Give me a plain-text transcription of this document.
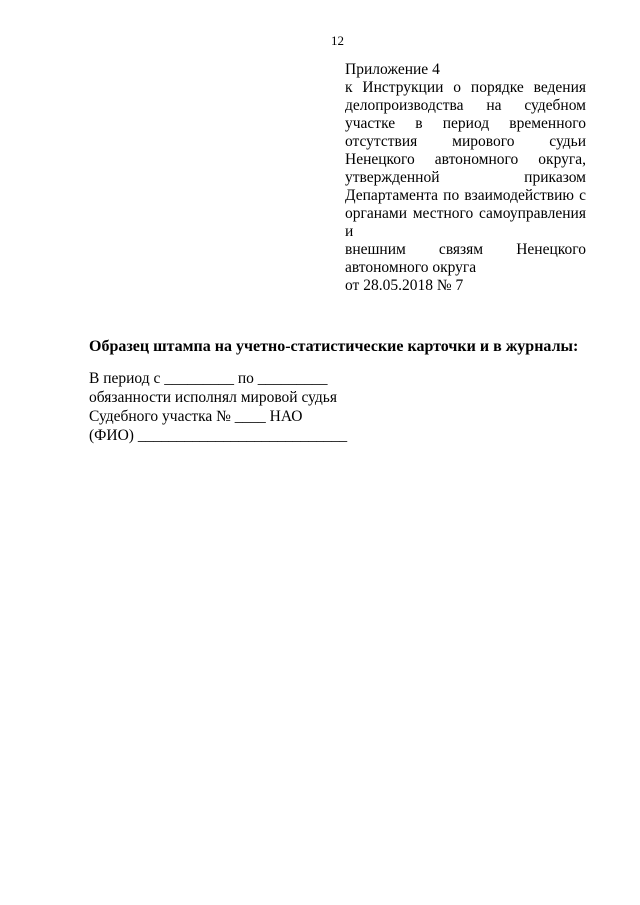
12
Приложение 4
к Инструкции о порядке ведения
делопроизводства на судебном
участке в период временного
отсутствия мирового судьи
Ненецкого автономного округа,
утвержденной приказом
Департамента по взаимодействию с
органами местного самоуправления и
внешним связям Ненецкого
автономного округа
от 28.05.2018 № 7
Образец штампа на учетно-статистические карточки и в журналы:
В период с _________ по _________
обязанности исполнял мировой судья
Судебного участка № ____ НАО
(ФИО) ___________________________
